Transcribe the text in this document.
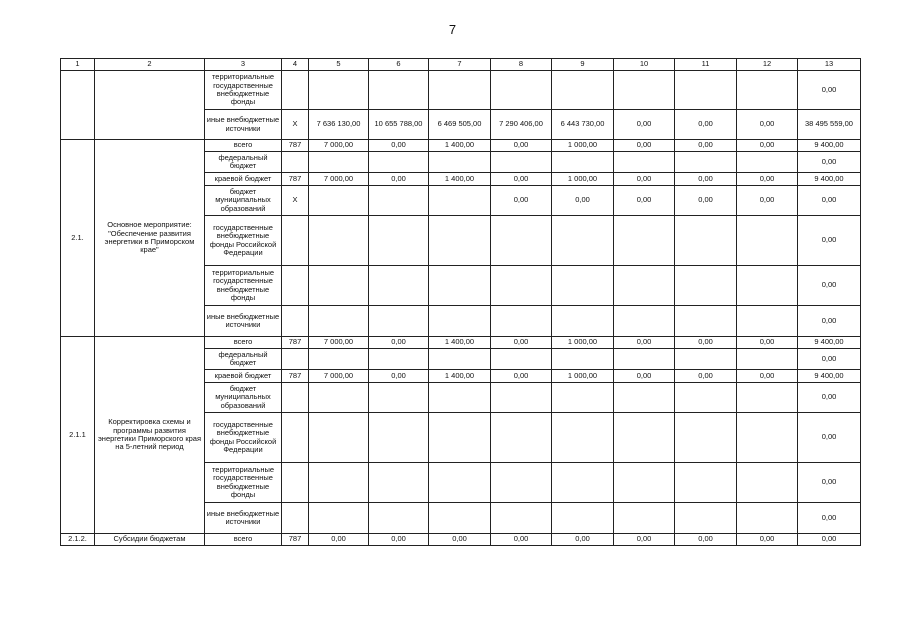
7
1	2	3	4	5	6	7	8	9	10	11	12	13
		территориальные государственные внебюджетные фонды										0,00
		иные внебюджетные источники	X	7 636 130,00	10 655 788,00	6 469 505,00	7 290 406,00	6 443 730,00	0,00	0,00	0,00	38 495 559,00
2.1.	Основное мероприятие: "Обеспечение развития энергетики в Приморском крае"	всего	787	7 000,00	0,00	1 400,00	0,00	1 000,00	0,00	0,00	0,00	9 400,00
		федеральный бюджет										0,00
		краевой бюджет	787	7 000,00	0,00	1 400,00	0,00	1 000,00	0,00	0,00	0,00	9 400,00
		бюджет муниципальных образований	X				0,00	0,00	0,00	0,00	0,00	0,00
		государственные внебюджетные фонды Российской Федерации										0,00
		территориальные государственные внебюджетные фонды										0,00
		иные внебюджетные источники										0,00
2.1.1	Корректировка схемы и программы развития энергетики Приморского края на 5-летний период	всего	787	7 000,00	0,00	1 400,00	0,00	1 000,00	0,00	0,00	0,00	9 400,00
		федеральный бюджет										0,00
		краевой бюджет	787	7 000,00	0,00	1 400,00	0,00	1 000,00	0,00	0,00	0,00	9 400,00
		бюджет муниципальных образований										0,00
		государственные внебюджетные фонды Российской Федерации										0,00
		территориальные государственные внебюджетные фонды										0,00
		иные внебюджетные источники										0,00
2.1.2.	Субсидии бюджетам	всего	787	0,00	0,00	0,00	0,00	0,00	0,00	0,00	0,00	0,00
